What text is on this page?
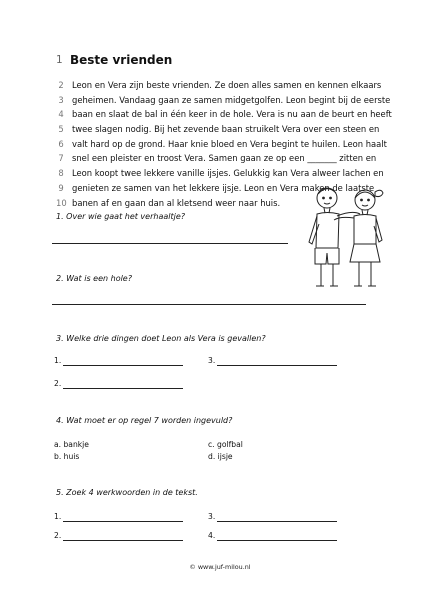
1 Beste vrienden
2 Leon en Vera zijn beste vrienden. Ze doen alles samen en kennen elkaars
3 geheimen. Vandaag gaan ze samen midgetgolfen. Leon begint bij de eerste
4 baan en slaat de bal in één keer in de hole. Vera is nu aan de beurt en heeft
5 twee slagen nodig. Bij het zevende baan struikelt Vera over een steen en
6 valt hard op de grond. Haar knie bloed en Vera begint te huilen. Leon haalt
7 snel een pleister en troost Vera. Samen gaan ze op een _______ zitten en
8 Leon koopt twee lekkere vanille ijsjes. Gelukkig kan Vera alweer lachen en
9 genieten ze samen van het lekkere ijsje. Leon en Vera maken de laatste
10 banen af en gaan dan al kletsend weer naar huis.
1. Over wie gaat het verhaaltje?
2. Wat is een hole?
3. Welke drie dingen doet Leon als Vera is gevallen?
1.	3.
2.
4. Wat moet er op regel 7 worden ingevuld?
a. bankje	c. golfbal
b. huis	d. ijsje
5. Zoek 4 werkwoorden in de tekst.
1.	3.
2.	4.
© www.juf-milou.nl
